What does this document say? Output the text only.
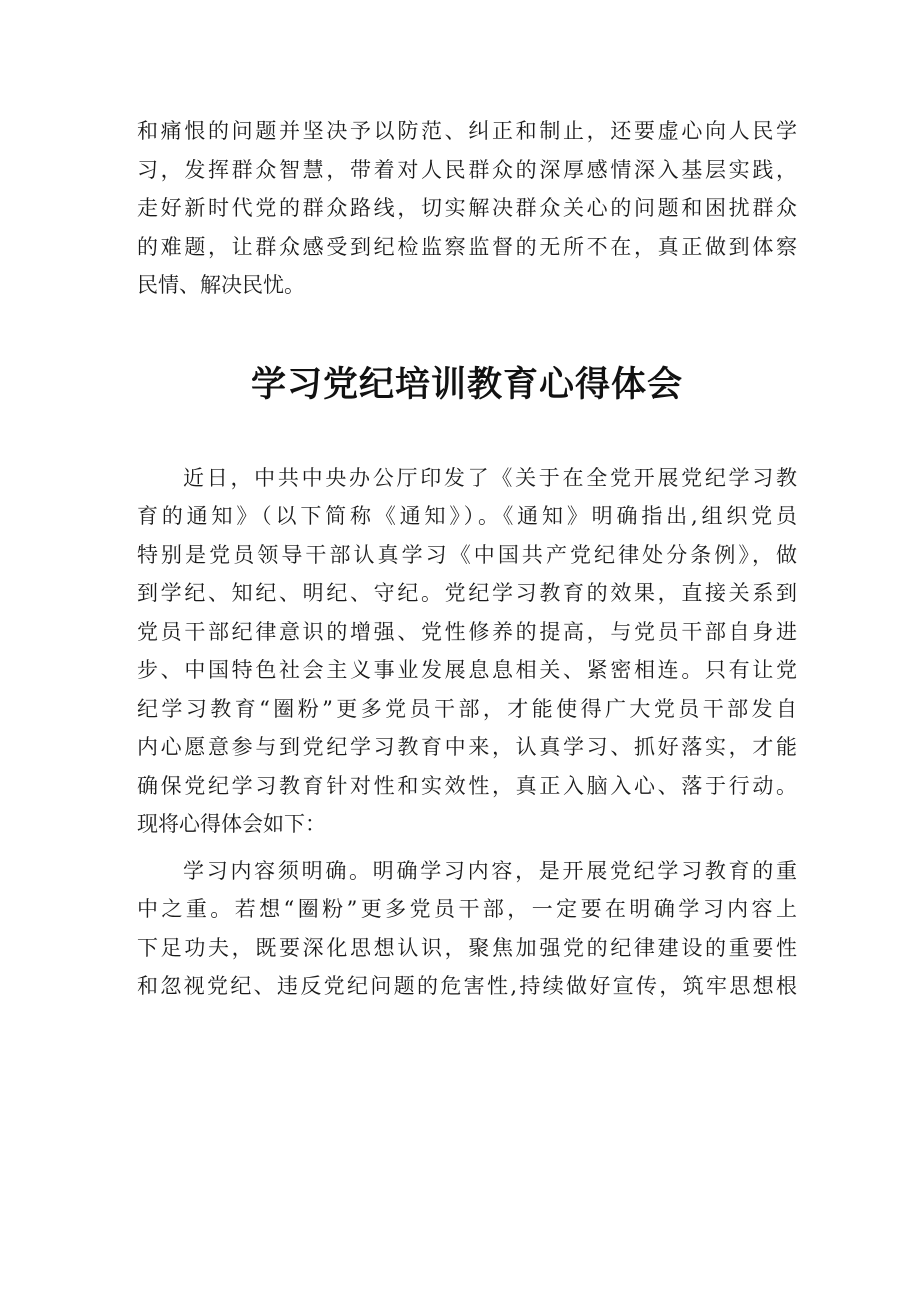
和痛恨的问题并坚决予以防范、纠正和制止，还要虚心向人民学
习，发挥群众智慧，带着对人民群众的深厚感情深入基层实践，
走好新时代党的群众路线，切实解决群众关心的问题和困扰群众
的难题，让群众感受到纪检监察监督的无所不在，真正做到体察
民情、解决民忧。
学习党纪培训教育心得体会
近日，中共中央办公厅印发了《关于在全党开展党纪学习教
育的通知》（以下简称《通知》）。《通知》明确指出,组织党员
特别是党员领导干部认真学习《中国共产党纪律处分条例》，做
到学纪、知纪、明纪、守纪。党纪学习教育的效果，直接关系到
党员干部纪律意识的增强、党性修养的提高，与党员干部自身进
步、中国特色社会主义事业发展息息相关、紧密相连。只有让党
纪学习教育“圈粉”更多党员干部，才能使得广大党员干部发自
内心愿意参与到党纪学习教育中来，认真学习、抓好落实，才能
确保党纪学习教育针对性和实效性，真正入脑入心、落于行动。
现将心得体会如下：
学习内容须明确。明确学习内容，是开展党纪学习教育的重
中之重。若想“圈粉”更多党员干部，一定要在明确学习内容上
下足功夫，既要深化思想认识，聚焦加强党的纪律建设的重要性
和忽视党纪、违反党纪问题的危害性,持续做好宣传，筑牢思想根
